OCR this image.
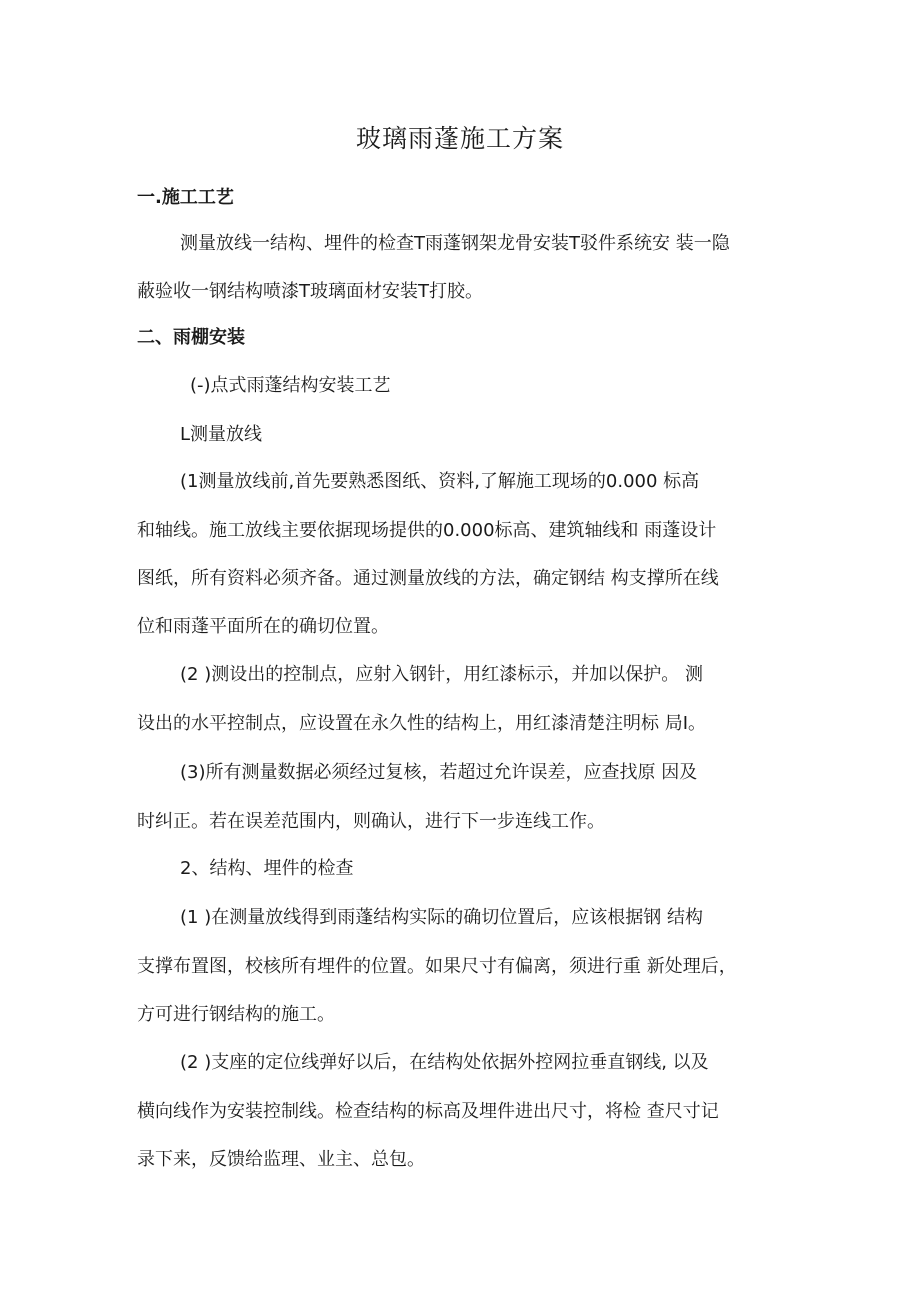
玻璃雨蓬施工方案
一.施工工艺
测量放线一结构、埋件的检查T雨蓬钢架龙骨安装T驳件系统安 装一隐
蔽验收一钢结构喷漆T玻璃面材安装T打胶。
二、雨棚安装
(-)点式雨蓬结构安装工艺
L测量放线
(1测量放线前,首先要熟悉图纸、资料,了解施工现场的0.000 标高
和轴线。施工放线主要依据现场提供的0.000标高、建筑轴线和 雨蓬设计
图纸，所有资料必须齐备。通过测量放线的方法，确定钢结 构支撑所在线
位和雨蓬平面所在的确切位置。
(2 )测设出的控制点，应射入钢针，用红漆标示，并加以保护。 测
设出的水平控制点，应设置在永久性的结构上，用红漆清楚注明标 局I。
(3)所有测量数据必须经过复核，若超过允许误差，应查找原 因及
时纠正。若在误差范围内，则确认，进行下一步连线工作。
2、结构、埋件的检查
(1 )在测量放线得到雨蓬结构实际的确切位置后，应该根据钢 结构
支撑布置图，校核所有埋件的位置。如果尺寸有偏离，须进行重 新处理后，
方可进行钢结构的施工。
(2 )支座的定位线弹好以后，在结构处依据外控网拉垂直钢线, 以及
横向线作为安装控制线。检查结构的标高及埋件进出尺寸，将检 查尺寸记
录下来，反馈给监理、业主、总包。
